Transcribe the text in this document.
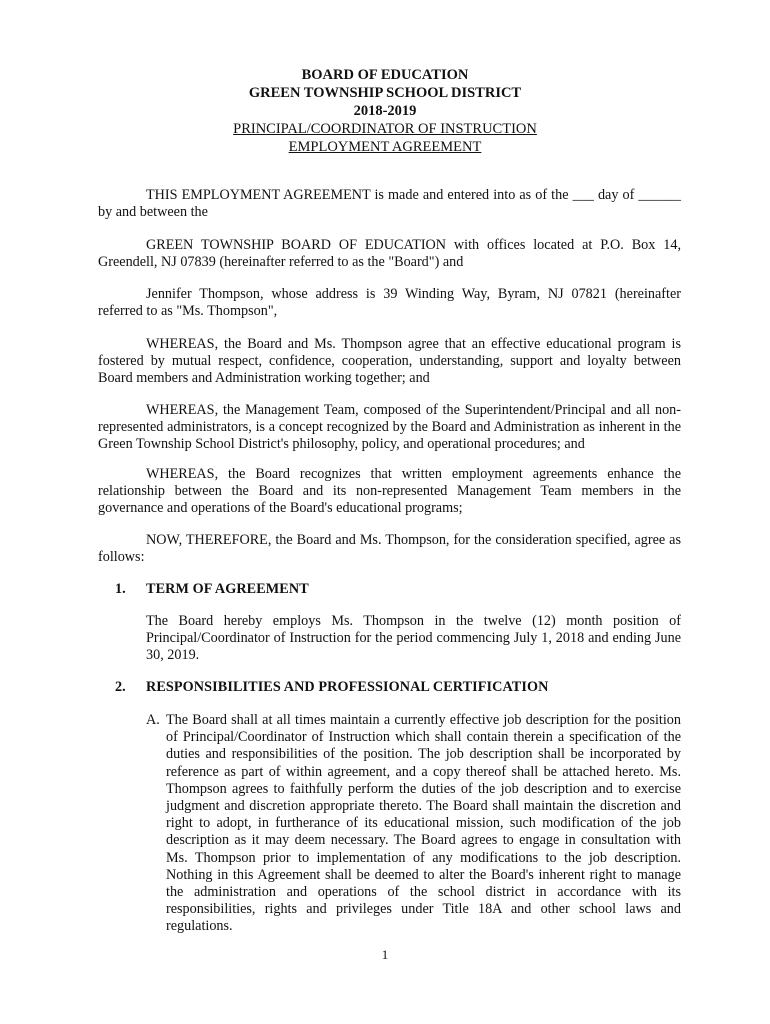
BOARD OF EDUCATION
GREEN TOWNSHIP SCHOOL DISTRICT
2018-2019
PRINCIPAL/COORDINATOR OF INSTRUCTION
EMPLOYMENT AGREEMENT
THIS EMPLOYMENT AGREEMENT is made and entered into as of the ___ day of ______ by and between the
GREEN TOWNSHIP BOARD OF EDUCATION with offices located at P.O. Box 14, Greendell, NJ 07839 (hereinafter referred to as the "Board") and
Jennifer Thompson, whose address is 39 Winding Way, Byram, NJ 07821 (hereinafter referred to as "Ms. Thompson",
WHEREAS, the Board and Ms. Thompson agree that an effective educational program is fostered by mutual respect, confidence, cooperation, understanding, support and loyalty between Board members and Administration working together; and
WHEREAS, the Management Team, composed of the Superintendent/Principal and all non-represented administrators, is a concept recognized by the Board and Administration as inherent in the Green Township School District's philosophy, policy, and operational procedures; and
WHEREAS, the Board recognizes that written employment agreements enhance the relationship between the Board and its non-represented Management Team members in the governance and operations of the Board's educational programs;
NOW, THEREFORE, the Board and Ms. Thompson, for the consideration specified, agree as follows:
1. TERM OF AGREEMENT
The Board hereby employs Ms. Thompson in the twelve (12) month position of Principal/Coordinator of Instruction for the period commencing July 1, 2018 and ending June 30, 2019.
2. RESPONSIBILITIES AND PROFESSIONAL CERTIFICATION
A. The Board shall at all times maintain a currently effective job description for the position of Principal/Coordinator of Instruction which shall contain therein a specification of the duties and responsibilities of the position. The job description shall be incorporated by reference as part of within agreement, and a copy thereof shall be attached hereto. Ms. Thompson agrees to faithfully perform the duties of the job description and to exercise judgment and discretion appropriate thereto. The Board shall maintain the discretion and right to adopt, in furtherance of its educational mission, such modification of the job description as it may deem necessary. The Board agrees to engage in consultation with Ms. Thompson prior to implementation of any modifications to the job description. Nothing in this Agreement shall be deemed to alter the Board's inherent right to manage the administration and operations of the school district in accordance with its responsibilities, rights and privileges under Title 18A and other school laws and regulations.
1
